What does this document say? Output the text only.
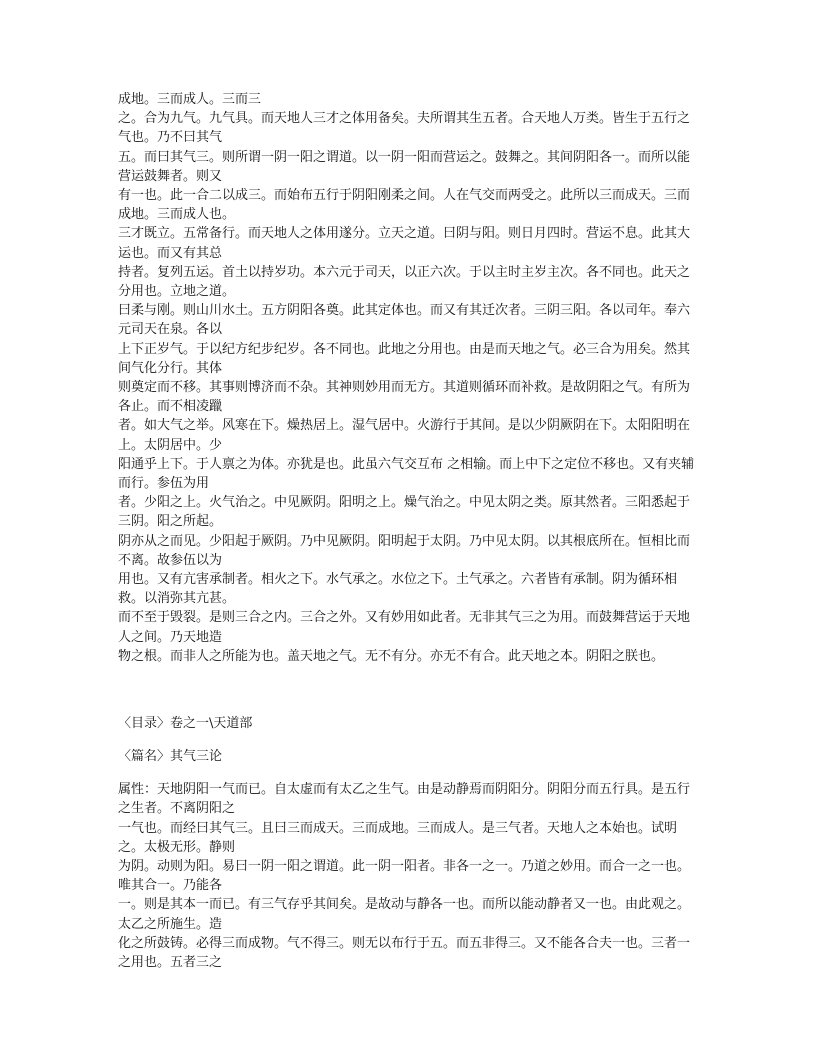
成地。三而成人。三而三
之。合为九气。九气具。而天地人三才之体用备矣。夫所谓其生五者。合天地人万类。皆生于五行之气也。乃不曰其气
五。而曰其气三。则所谓一阴一阳之谓道。以一阴一阳而营运之。鼓舞之。其间阴阳各一。而所以能营运鼓舞者。则又
有一也。此一合二以成三。而始布五行于阴阳刚柔之间。人在气交而两受之。此所以三而成天。三而成地。三而成人也。
三才既立。五常备行。而天地人之体用遂分。立天之道。曰阴与阳。则日月四时。营运不息。此其大运也。而又有其总
持者。复列五运。首土以持岁功。本六元于司天，以正六次。于以主时主岁主次。各不同也。此天之分用也。立地之道。
曰柔与刚。则山川水土。五方阴阳各奠。此其定体也。而又有其迁次者。三阴三阳。各以司年。奉六元司天在泉。各以
上下正岁气。于以纪方纪步纪岁。各不同也。此地之分用也。由是而天地之气。必三合为用矣。然其间气化分行。其体
则奠定而不移。其事则博济而不杂。其神则妙用而无方。其道则循环而补救。是故阴阳之气。有所为各止。而不相凌躐
者。如大气之举。风寒在下。燥热居上。湿气居中。火游行于其间。是以少阴厥阴在下。太阳阳明在上。太阴居中。少
阳通乎上下。于人禀之为体。亦犹是也。此虽六气交互布 之相输。而上中下之定位不移也。又有夹辅而行。参伍为用
者。少阳之上。火气治之。中见厥阴。阳明之上。燥气治之。中见太阴之类。原其然者。三阳悉起于三阴。阳之所起。
阴亦从之而见。少阳起于厥阴。乃中见厥阴。阳明起于太阴。乃中见太阴。以其根底所在。恒相比而不离。故参伍以为
用也。又有亢害承制者。相火之下。水气承之。水位之下。土气承之。六者皆有承制。阴为循环相救。以消弥其亢甚。
而不至于毁裂。是则三合之内。三合之外。又有妙用如此者。无非其气三之为用。而鼓舞营运于天地人之间。乃天地造
物之根。而非人之所能为也。盖天地之气。无不有分。亦无不有合。此天地之本。阴阳之朕也。

〈目录〉卷之一\天道部

〈篇名〉其气三论

属性：天地阴阳一气而已。自太虚而有太乙之生气。由是动静焉而阴阳分。阴阳分而五行具。是五行之生者。不离阴阳之
一气也。而经曰其气三。且曰三而成天。三而成地。三而成人。是三气者。天地人之本始也。试明之。太极无形。静则
为阴。动则为阳。易曰一阴一阳之谓道。此一阴一阳者。非各一之一。乃道之妙用。而合一之一也。唯其合一。乃能各
一。则是其本一而已。有三气存乎其间矣。是故动与静各一也。而所以能动静者又一也。由此观之。太乙之所施生。造
化之所鼓铸。必得三而成物。气不得三。则无以布行于五。而五非得三。又不能各合夫一也。三者一之用也。五者三之
